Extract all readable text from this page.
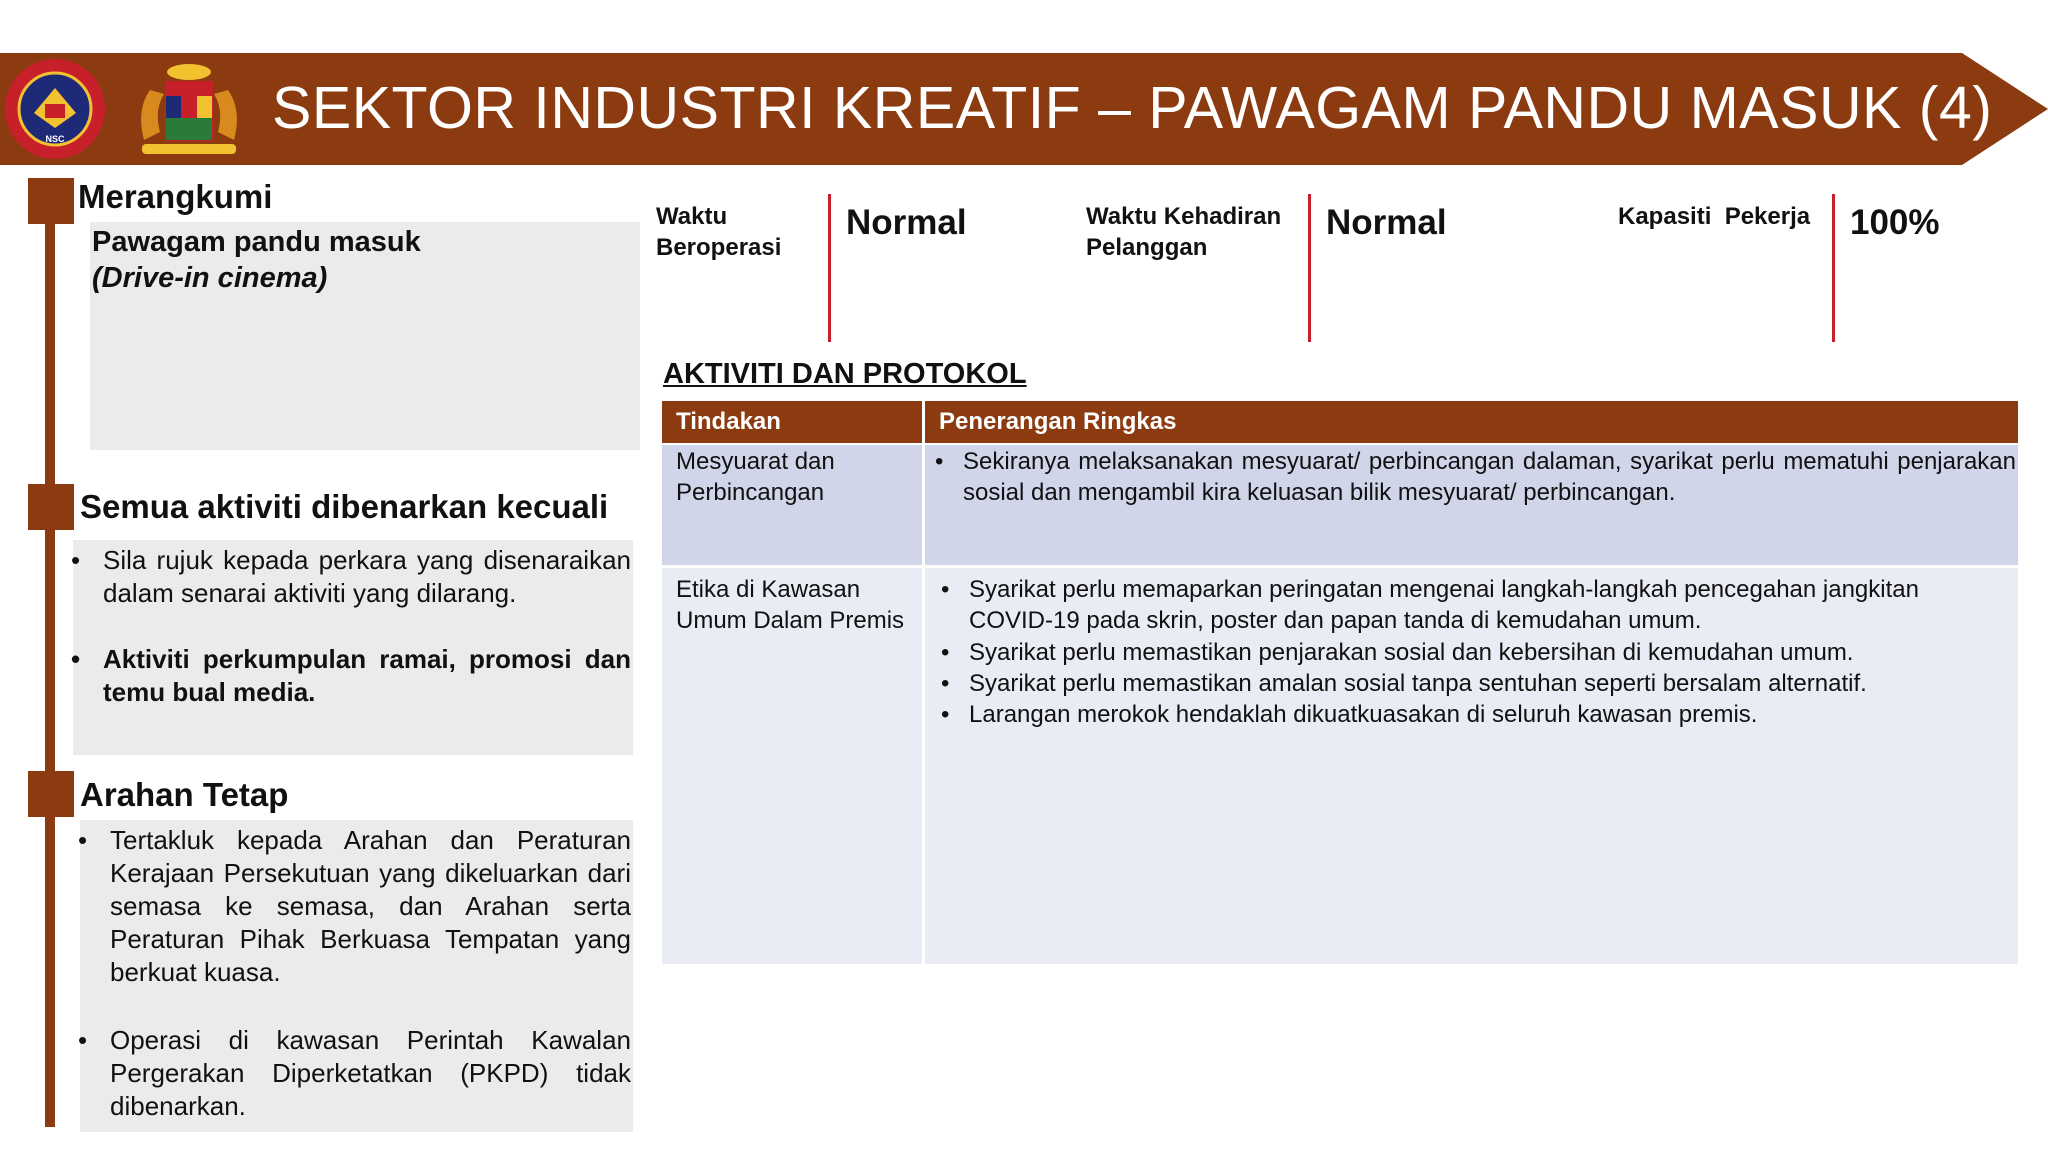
NSC	SEKTOR INDUSTRI KREATIF – PAWAGAM PANDU MASUK (4)
Merangkumi
Pawagam pandu masuk
(Drive-in cinema)
Semua aktiviti dibenarkan kecuali
• Sila rujuk kepada perkara yang disenaraikan dalam senarai aktiviti yang dilarang.
• Aktiviti perkumpulan ramai, promosi dan temu bual media.
Arahan Tetap
• Tertakluk kepada Arahan dan Peraturan Kerajaan Persekutuan yang dikeluarkan dari semasa ke semasa, dan Arahan serta Peraturan Pihak Berkuasa Tempatan yang berkuat kuasa.
• Operasi di kawasan Perintah Kawalan Pergerakan Diperketatkan (PKPD) tidak dibenarkan.
Waktu
Beroperasi
Normal	Waktu Kehadiran
Pelanggan
Normal	Kapasiti  Pekerja 100%
AKTIVITI DAN PROTOKOL
Tindakan	Penerangan Ringkas
Mesyuarat dan Perbincangan
• Sekiranya melaksanakan mesyuarat/ perbincangan dalaman, syarikat perlu mematuhi penjarakan sosial dan mengambil kira keluasan bilik mesyuarat/ perbincangan.
Etika di Kawasan Umum Dalam Premis
• Syarikat perlu memaparkan peringatan mengenai langkah-langkah pencegahan jangkitan COVID-19 pada skrin, poster dan papan tanda di kemudahan umum.
• Syarikat perlu memastikan penjarakan sosial dan kebersihan di kemudahan umum.
• Syarikat perlu memastikan amalan sosial tanpa sentuhan seperti bersalam alternatif.
• Larangan merokok hendaklah dikuatkuasakan di seluruh kawasan premis.
